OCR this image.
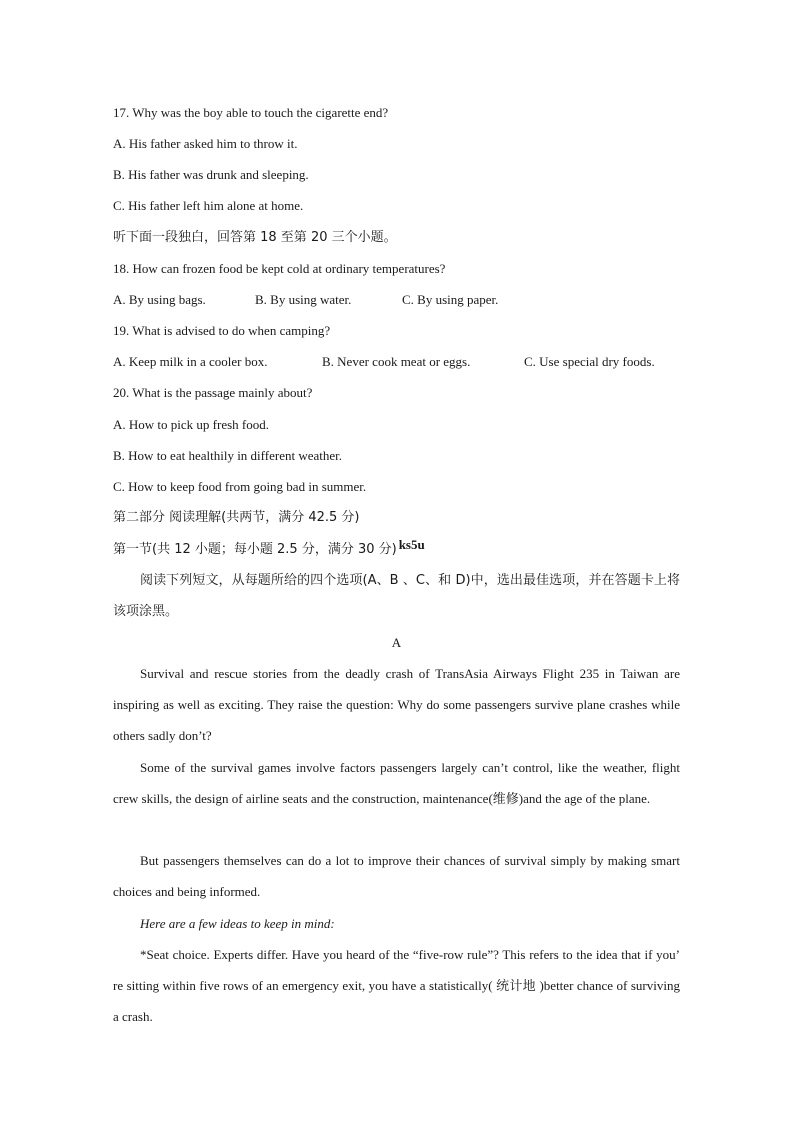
17. Why was the boy able to touch the cigarette end?
A. His father asked him to throw it.
B. His father was drunk and sleeping.
C. His father left him alone at home.
听下面一段独白，回答第 18 至第 20 三个小题。
18. How can frozen food be kept cold at ordinary temperatures?
A. By using bags.	B. By using water.	C. By using paper.
19. What is advised to do when camping?
A. Keep milk in a cooler box.	B. Never cook meat or eggs.	C. Use special dry foods.
20. What is the passage mainly about?
A. How to pick up fresh food.
B. How to eat healthily in different weather.
C. How to keep food from going bad in summer.
第二部分 阅读理解(共两节，满分 42.5 分)
第一节(共 12 小题；每小题 2.5 分，满分 30 分) ks5u

阅读下列短文，从每题所给的四个选项(A、B 、C、和 D)中，选出最佳选项，并在答题卡上将该项涂黑。

A

Survival and rescue stories from the deadly crash of TransAsia Airways Flight 235 in Taiwan are inspiring as well as exciting. They raise the question: Why do some passengers survive plane crashes while others sadly don’t?

Some of the survival games involve factors passengers largely can’t control, like the weather, flight crew skills, the design of airline seats and the construction, maintenance(维修)and the age of the plane.

But passengers themselves can do a lot to improve their chances of survival simply by making smart choices and being informed.

Here are a few ideas to keep in mind:

*Seat choice. Experts differ. Have you heard of the “five-row rule”? This refers to the idea that if you’ re sitting within five rows of an emergency exit, you have a statistically( 统计地 )better chance of surviving a crash.
